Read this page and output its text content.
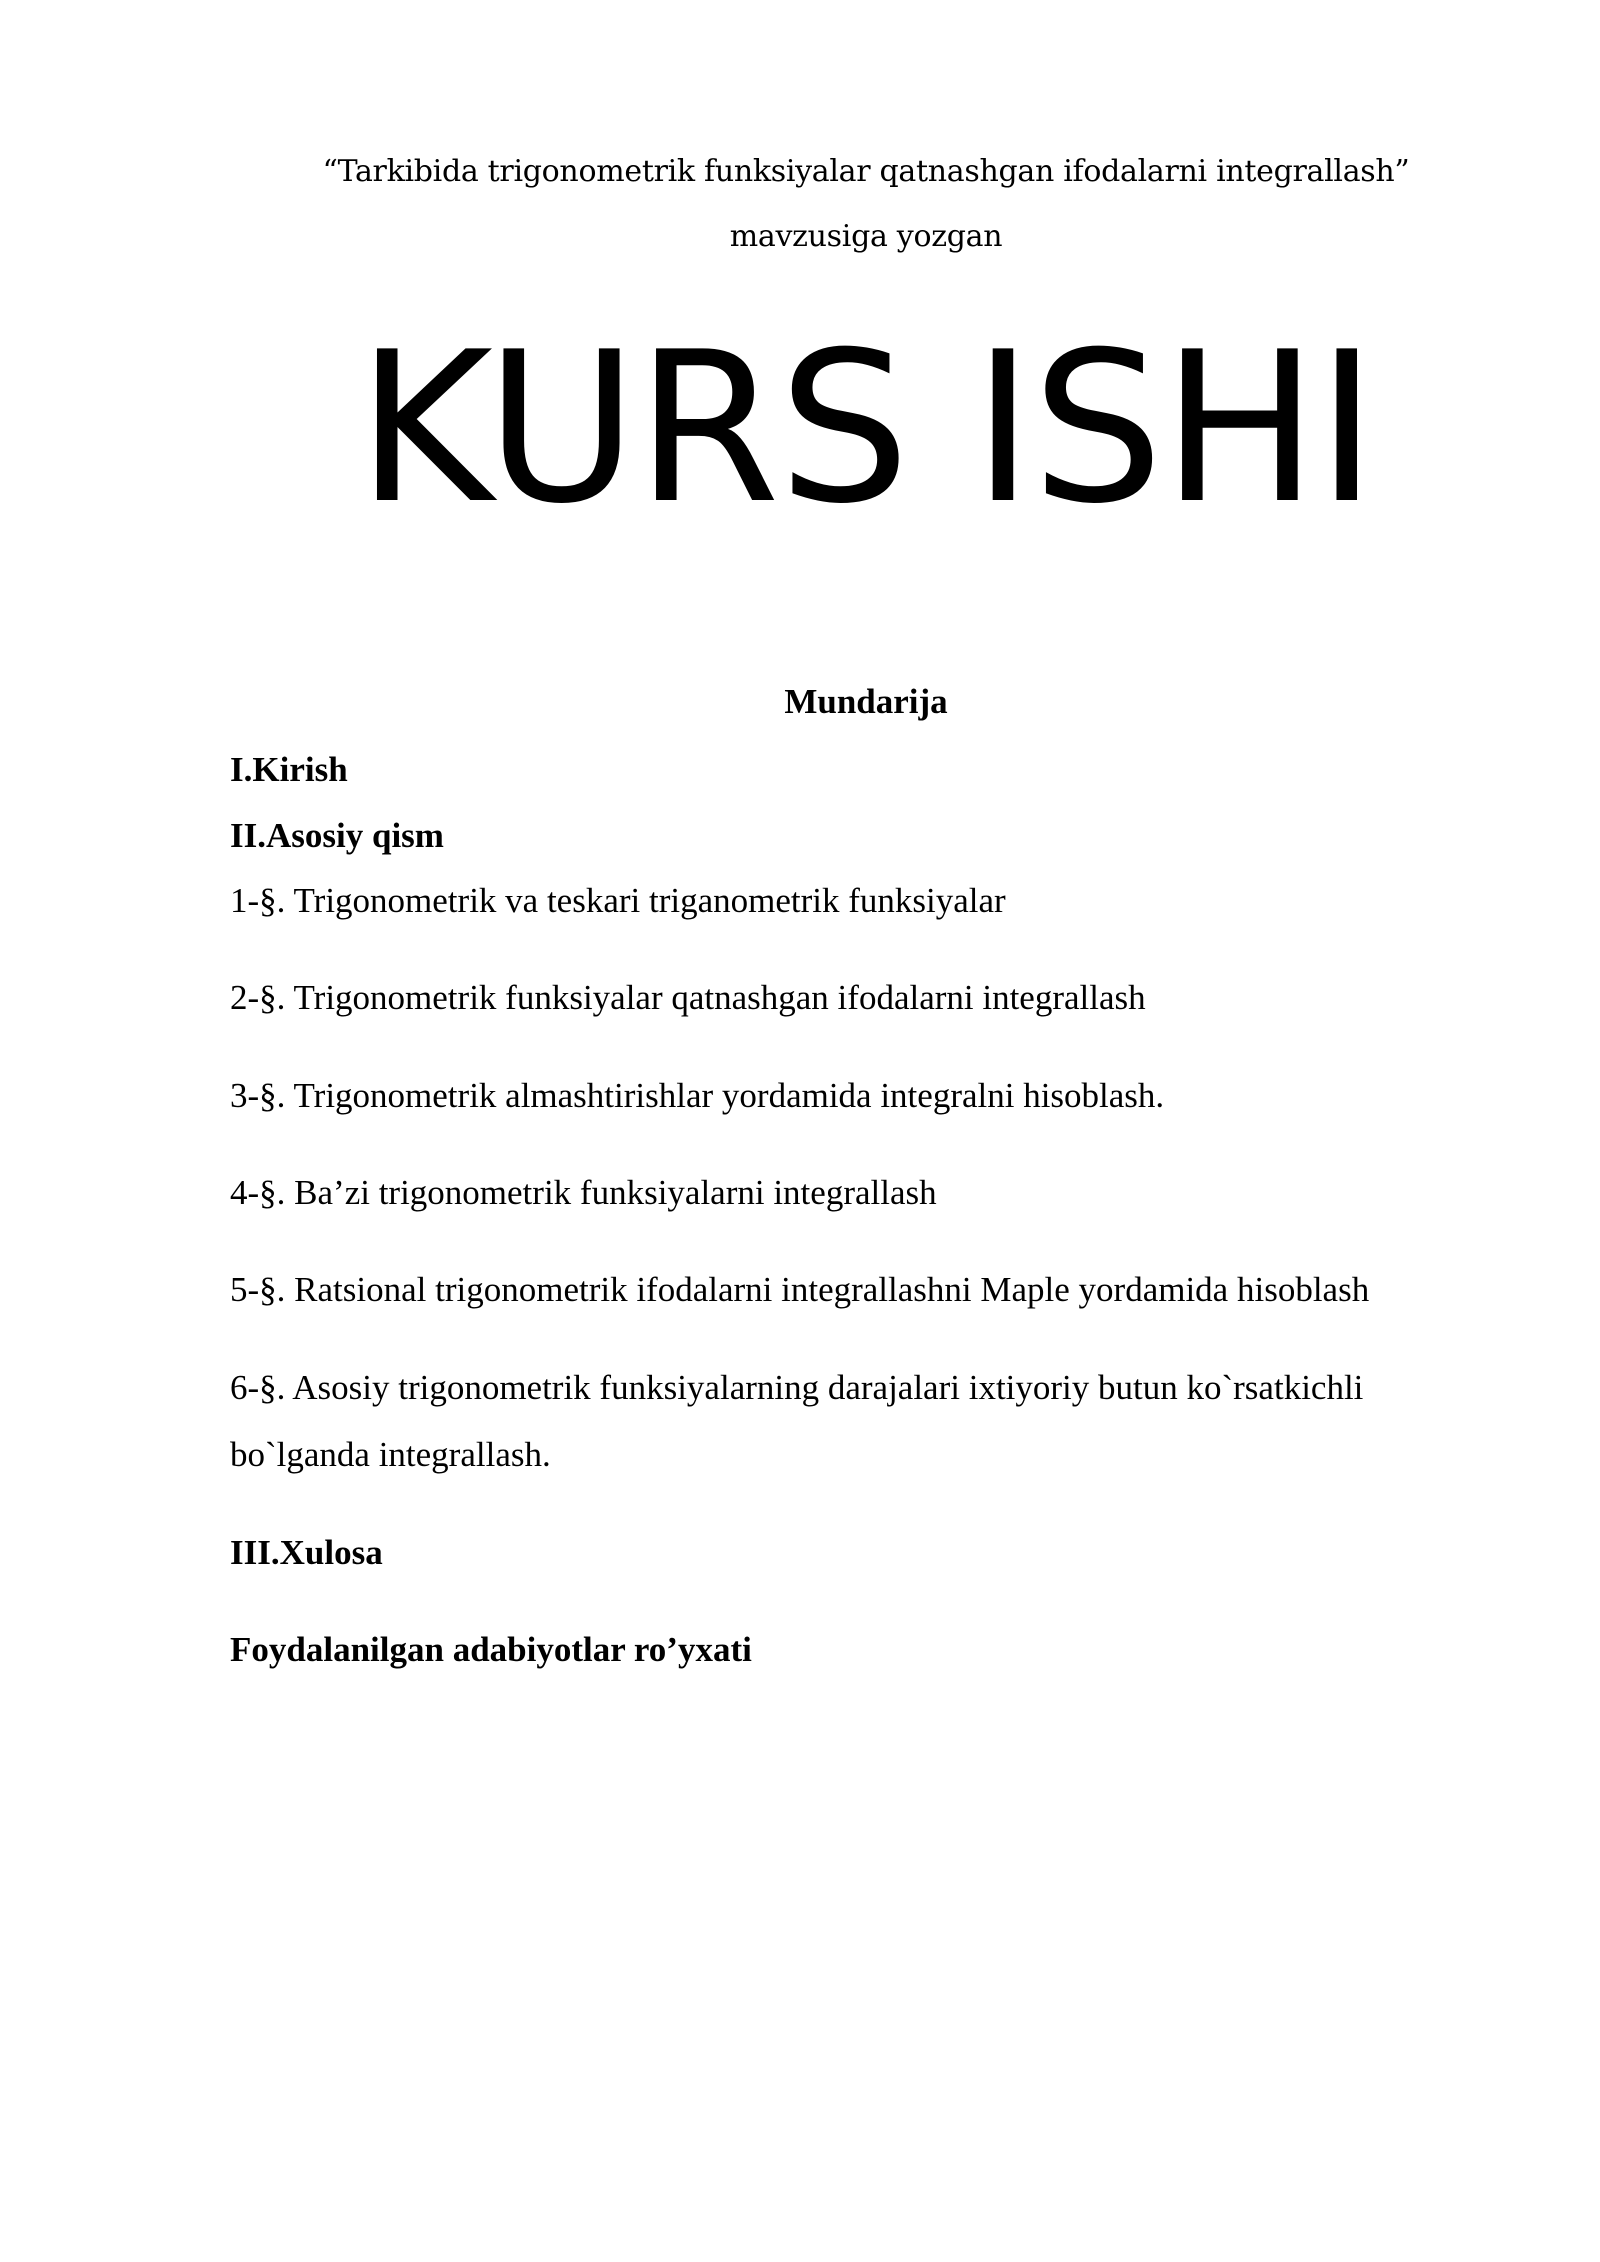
“Tarkibida trigonometrik funksiyalar qatnashgan ifodalarni integrallash”

mavzusiga yozgan

KURS ISHI
Mundarija

I.Kirish

II.Asosiy qism

1-§. Trigonometrik va teskari triganometrik funksiyalar

2-§. Trigonometrik funksiyalar qatnashgan ifodalarni integrallash

3-§. Trigonometrik almashtirishlar yordamida integralni hisoblash.

4-§. Ba’zi trigonometrik funksiyalarni integrallash

5-§. Ratsional trigonometrik ifodalarni integrallashni Maple yordamida hisoblash

6-§. Asosiy trigonometrik funksiyalarning darajalari ixtiyoriy butun ko`rsatkichli

bo`lganda integrallash.

III.Xulosa

Foydalanilgan adabiyotlar ro’yxati
